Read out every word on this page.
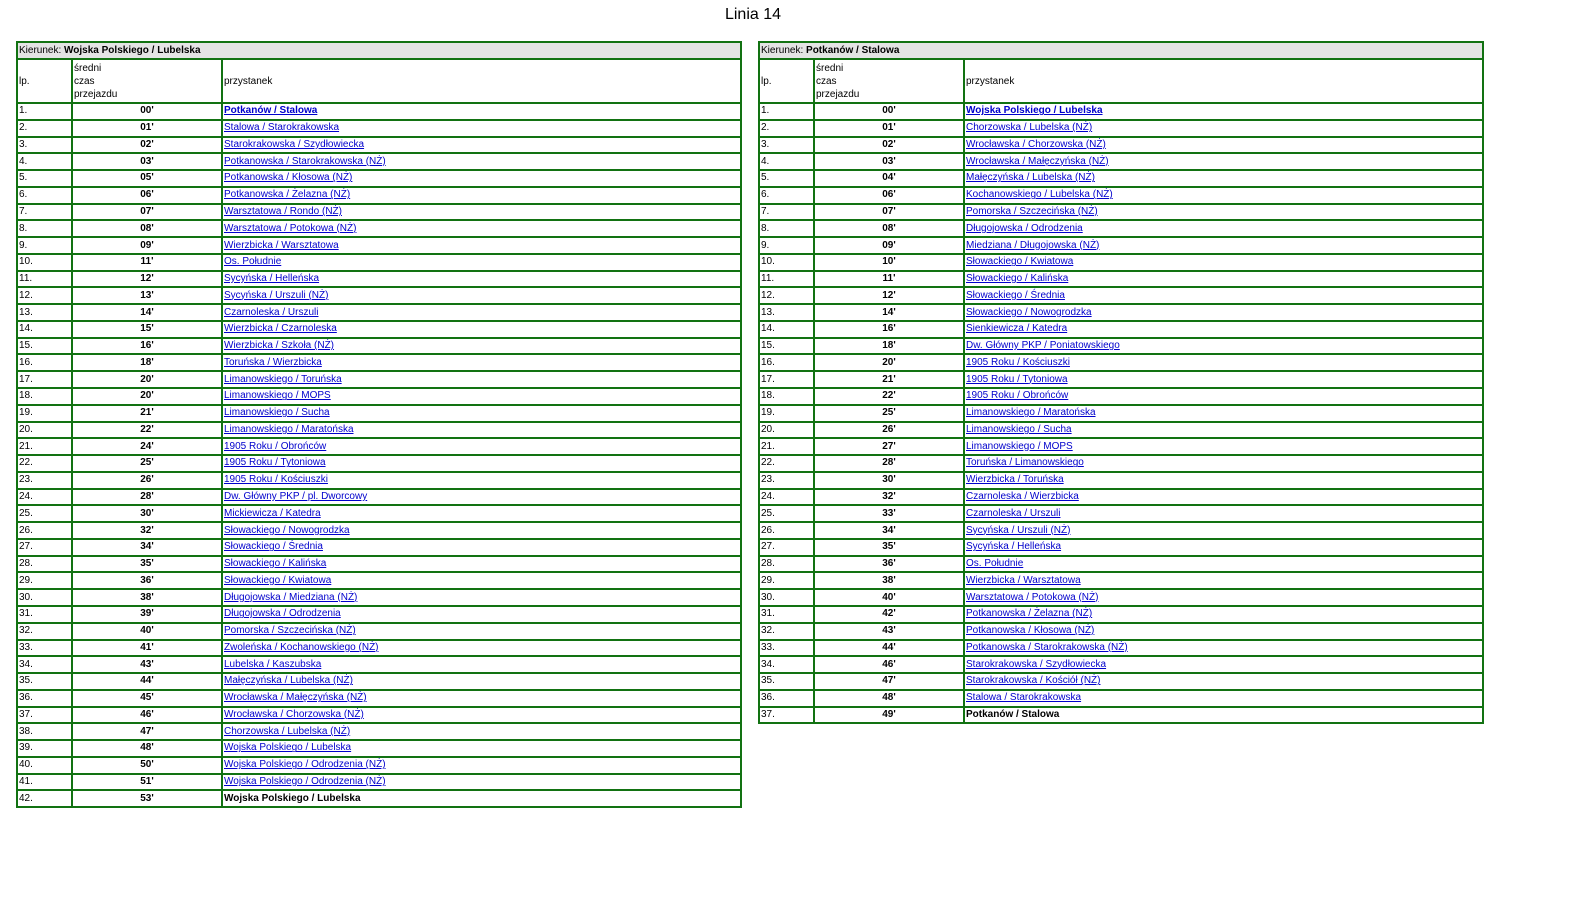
Linia 14
Kierunek: Wojska Polskiego / Lubelska		
lp.	średni
czas
przejazdu	przystanek
1.	00'	Potkanów / Stalowa
2.	01'	Stalowa / Starokrakowska
3.	02'	Starokrakowska / Szydłowiecka
4.	03'	Potkanowska / Starokrakowska (NŻ)
5.	05'	Potkanowska / Kłosowa (NŻ)
6.	06'	Potkanowska / Żelazna (NŻ)
7.	07'	Warsztatowa / Rondo (NŻ)
8.	08'	Warsztatowa / Potokowa (NŻ)
9.	09'	Wierzbicka / Warsztatowa
10.	11'	Os. Południe
11.	12'	Sycyńska / Helleńska
12.	13'	Sycyńska / Urszuli (NŻ)
13.	14'	Czarnoleska / Urszuli
14.	15'	Wierzbicka / Czarnoleska
15.	16'	Wierzbicka / Szkoła (NŻ)
16.	18'	Toruńska / Wierzbicka
17.	20'	Limanowskiego / Toruńska
18.	20'	Limanowskiego / MOPS
19.	21'	Limanowskiego / Sucha
20.	22'	Limanowskiego / Maratońska
21.	24'	1905 Roku / Obrońców
22.	25'	1905 Roku / Tytoniowa
23.	26'	1905 Roku / Kościuszki
24.	28'	Dw. Główny PKP / pl. Dworcowy
25.	30'	Mickiewicza / Katedra
26.	32'	Słowackiego / Nowogrodzka
27.	34'	Słowackiego / Średnia
28.	35'	Słowackiego / Kalińska
29.	36'	Słowackiego / Kwiatowa
30.	38'	Długojowska / Miedziana (NŻ)
31.	39'	Długojowska / Odrodzenia
32.	40'	Pomorska / Szczecińska (NŻ)
33.	41'	Zwoleńska / Kochanowskiego (NŻ)
34.	43'	Lubelska / Kaszubska
35.	44'	Małęczyńska / Lubelska (NŻ)
36.	45'	Wrocławska / Małęczyńska (NŻ)
37.	46'	Wrocławska / Chorzowska (NŻ)
38.	47'	Chorzowska / Lubelska (NŻ)
39.	48'	Wojska Polskiego / Lubelska
40.	50'	Wojska Polskiego / Odrodzenia (NŻ)
41.	51'	Wojska Polskiego / Odrodzenia (NŻ)
42.	53'	Wojska Polskiego / Lubelska
Kierunek: Potkanów / Stalowa		
lp.	średni
czas
przejazdu	przystanek
1.	00'	Wojska Polskiego / Lubelska
2.	01'	Chorzowska / Lubelska (NŻ)
3.	02'	Wrocławska / Chorzowska (NŻ)
4.	03'	Wrocławska / Małęczyńska (NŻ)
5.	04'	Małęczyńska / Lubelska (NŻ)
6.	06'	Kochanowskiego / Lubelska (NŻ)
7.	07'	Pomorska / Szczecińska (NŻ)
8.	08'	Długojowska / Odrodzenia
9.	09'	Miedziana / Długojowska (NŻ)
10.	10'	Słowackiego / Kwiatowa
11.	11'	Słowackiego / Kalińska
12.	12'	Słowackiego / Średnia
13.	14'	Słowackiego / Nowogrodzka
14.	16'	Sienkiewicza / Katedra
15.	18'	Dw. Główny PKP / Poniatowskiego
16.	20'	1905 Roku / Kościuszki
17.	21'	1905 Roku / Tytoniowa
18.	22'	1905 Roku / Obrońców
19.	25'	Limanowskiego / Maratońska
20.	26'	Limanowskiego / Sucha
21.	27'	Limanowskiego / MOPS
22.	28'	Toruńska / Limanowskiego
23.	30'	Wierzbicka / Toruńska
24.	32'	Czarnoleska / Wierzbicka
25.	33'	Czarnoleska / Urszuli
26.	34'	Sycyńska / Urszuli (NŻ)
27.	35'	Sycyńska / Helleńska
28.	36'	Os. Południe
29.	38'	Wierzbicka / Warsztatowa
30.	40'	Warsztatowa / Potokowa (NŻ)
31.	42'	Potkanowska / Żelazna (NŻ)
32.	43'	Potkanowska / Kłosowa (NŻ)
33.	44'	Potkanowska / Starokrakowska (NŻ)
34.	46'	Starokrakowska / Szydłowiecka
35.	47'	Starokrakowska / Kościół (NŻ)
36.	48'	Stalowa / Starokrakowska
37.	49'	Potkanów / Stalowa
